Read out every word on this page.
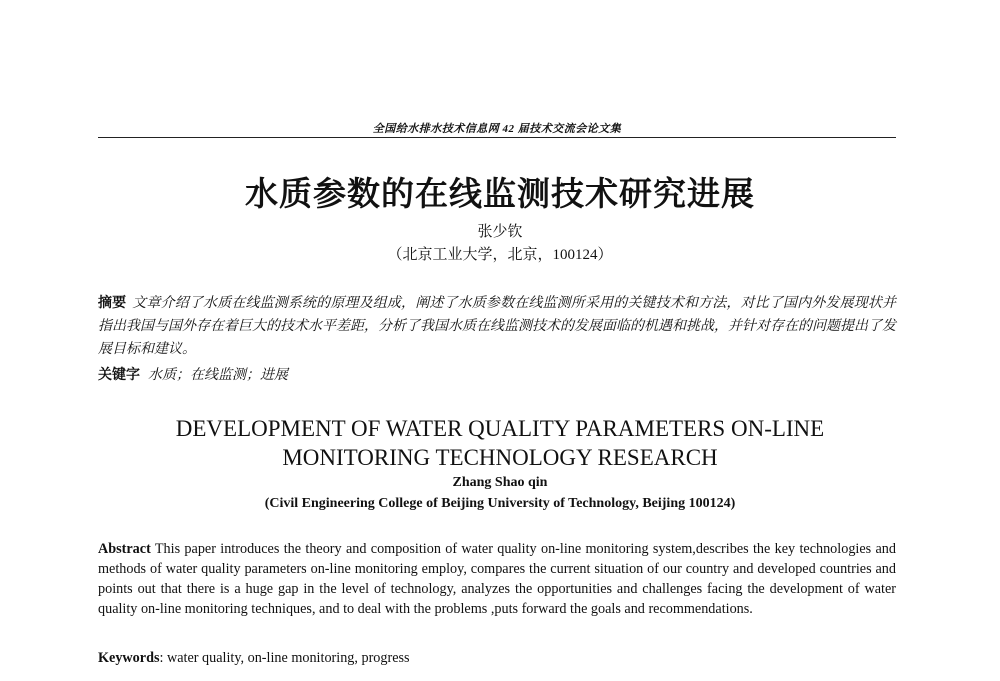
全国给水排水技术信息网 42 届技术交流会论文集
水质参数的在线监测技术研究进展
张少钦
（北京工业大学，北京，100124）
摘要 文章介绍了水质在线监测系统的原理及组成，阐述了水质参数在线监测所采用的关键技术和方法，对比了国内外发展现状并指出我国与国外存在着巨大的技术水平差距，分析了我国水质在线监测技术的发展面临的机遇和挑战，并针对存在的问题提出了发展目标和建议。
关键字 水质；在线监测；进展
DEVELOPMENT OF WATER QUALITY PARAMETERS ON-LINE
MONITORING TECHNOLOGY RESEARCH
Zhang Shao qin
(Civil Engineering College of Beijing University of Technology, Beijing 100124)
Abstract This paper introduces the theory and composition of water quality on-line monitoring system,describes the key technologies and methods of water quality parameters on-line monitoring employ, compares the current situation of our country and developed countries and points out that there is a huge gap in the level of technology, analyzes the opportunities and challenges facing the development of water quality on-line monitoring techniques, and to deal with the problems ,puts forward the goals and recommendations.
Keywords: water quality, on-line monitoring, progress
